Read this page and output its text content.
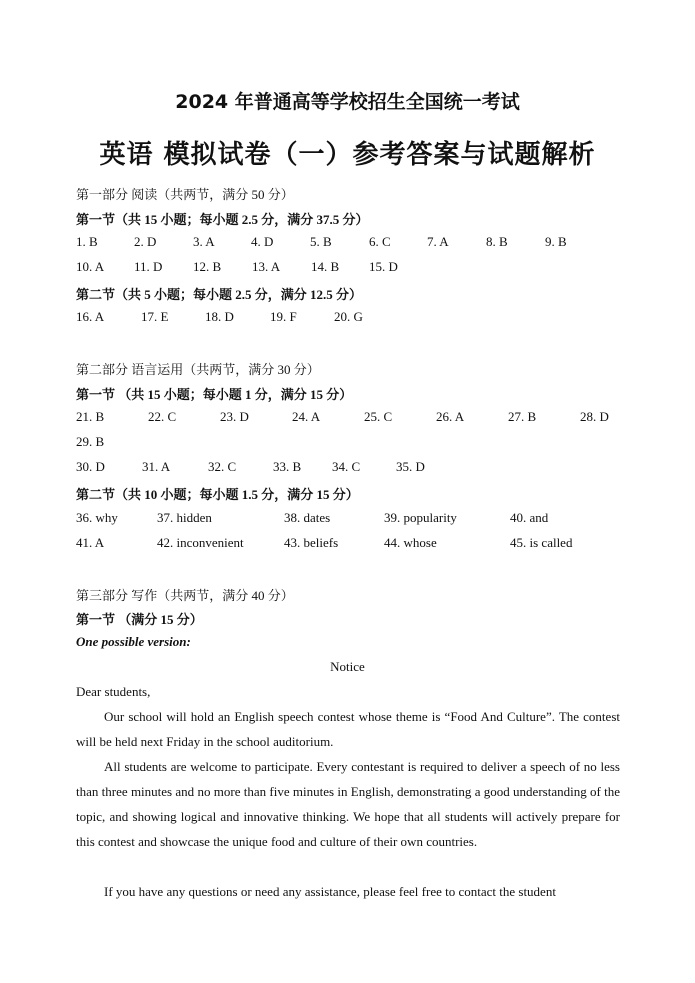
2024 年普通高等学校招生全国统一考试
英语 模拟试卷（一）参考答案与试题解析
第一部分 阅读（共两节，满分 50 分）
第一节（共 15 小题；每小题 2.5 分，满分 37.5 分）
1. B	2. D	3. A	4. D	5. B	6. C	7. A	8. B	9. B
10. A 11. D 12. B 13. A 14. B 15. D
第二节（共 5 小题；每小题 2.5 分，满分 12.5 分）
16. A	17. E	18. D	19. F	20. G
第二部分 语言运用（共两节，满分 30 分）
第一节 （共 15 小题；每小题 1 分，满分 15 分）
21. B	22. C	23. D	24. A	25. C	26. A	27. B	28. D
29. B
30. D	31. A	32. C	33. B 34. C	35. D
第二节（共 10 小题；每小题 1.5 分，满分 15 分）
36. why	37. hidden	38. dates	39. popularity	40. and
41. A	42. inconvenient	43. beliefs	44. whose	45. is called
第三部分 写作（共两节，满分 40 分）
第一节 （满分 15 分）
One possible version:
Notice
Dear students,

Our school will hold an English speech contest whose theme is “Food And Culture”. The contest will be held next Friday in the school auditorium.

All students are welcome to participate. Every contestant is required to deliver a speech of no less than three minutes and no more than five minutes in English, demonstrating a good understanding of the topic, and showing logical and innovative thinking. We hope that all students will actively prepare for this contest and showcase the unique food and culture of their own countries.

If you have any questions or need any assistance, please feel free to contact the student
